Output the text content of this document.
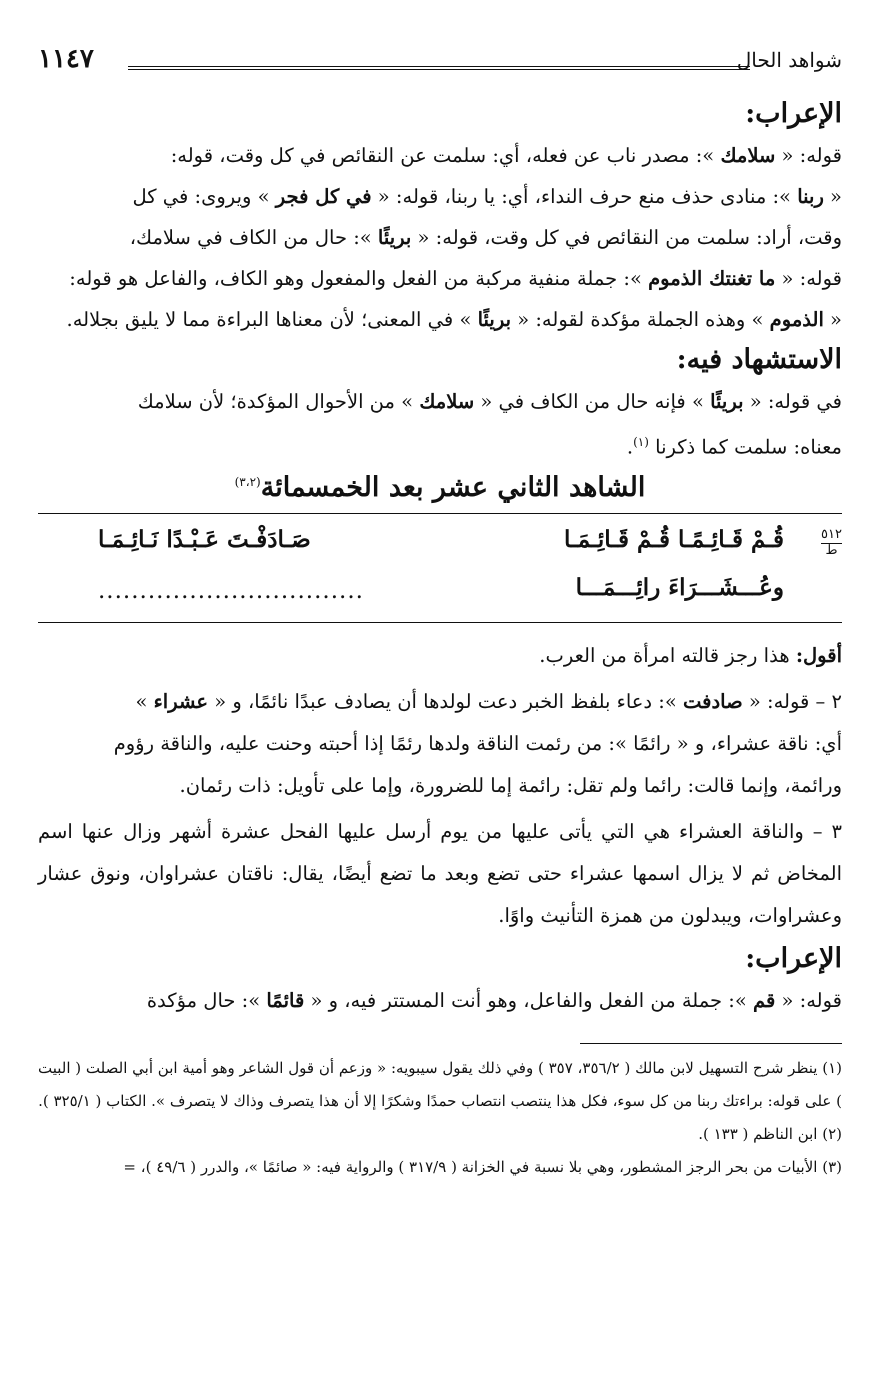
شواهد الحال
١١٤٧
الإعراب:

قوله: « سلامك »: مصدر ناب عن فعله، أي: سلمت عن النقائص في كل وقت، قوله:

« ربنا »: منادى حذف منع حرف النداء، أي: يا ربنا، قوله: « في كل فجر » ويروى: في كل

وقت، أراد: سلمت من النقائص في كل وقت، قوله: « بريئًا »: حال من الكاف في سلامك،

قوله: « ما تغنتك الذموم »: جملة منفية مركبة من الفعل والمفعول وهو الكاف، والفاعل هو قوله:

« الذموم » وهذه الجملة مؤكدة لقوله: « بريئًا » في المعنى؛ لأن معناها البراءة مما لا يليق بجلاله.

الاستشهاد فيه:

في قوله: « بريئًا » فإنه حال من الكاف في « سلامك » من الأحوال المؤكدة؛ لأن سلامك

معناه: سلمت كما ذكرنا $^{(١)}$.

الشاهد الثاني عشر بعد الخمسمائة$^{(٣،٢)}$
٥١٢
ط
قُـمْ قَـائِـمًـا قُـمْ قَـائِـمَـا
صَـادَفْـتَ عَـبْـدًا نَـائِـمَـا
وعُـــشَـــرَاءَ رائِـــمَـــا
................................

أقول: هذا رجز قالته امرأة من العرب.

٢ – قوله: « صادفت »: دعاء بلفظ الخبر دعت لولدها أن يصادف عبدًا نائمًا، و « عشراء »

أي: ناقة عشراء، و « رائمًا »: من رئمت الناقة ولدها رئمًا إذا أحبته وحنت عليه، والناقة رؤوم

ورائمة، وإنما قالت: رائما ولم تقل: رائمة إما للضرورة، وإما على تأويل: ذات رئمان.

٣ – والناقة العشراء هي التي يأتى عليها من يوم أرسل عليها الفحل عشرة أشهر وزال عنها اسم المخاض ثم لا يزال اسمها عشراء حتى تضع وبعد ما تضع أيضًا، يقال: ناقتان عشراوان، ونوق عشار وعشراوات، ويبدلون من همزة التأنيث واوًا.

الإعراب:

قوله: « قم »: جملة من الفعل والفاعل، وهو أنت المستتر فيه، و « قائمًا »: حال مؤكدة

(١) ينظر شرح التسهيل لابن مالك ( ٣٥٦/٢، ٣٥٧ ) وفي ذلك يقول سيبويه: « وزعم أن قول الشاعر وهو أمية ابن أبي الصلت ( البيت ) على قوله: براءتك ربنا من كل سوء، فكل هذا ينتصب انتصاب حمدًا وشكرًا إلا أن هذا يتصرف وذاك لا يتصرف ». الكتاب ( ٣٢٥/١ ).

(٢) ابن الناظم ( ١٣٣ ).

(٣) الأبيات من بحر الرجز المشطور، وهي بلا نسبة في الخزانة ( ٣١٧/٩ ) والرواية فيه: « صائمًا »، والدرر ( ٤٩/٦ )، =
